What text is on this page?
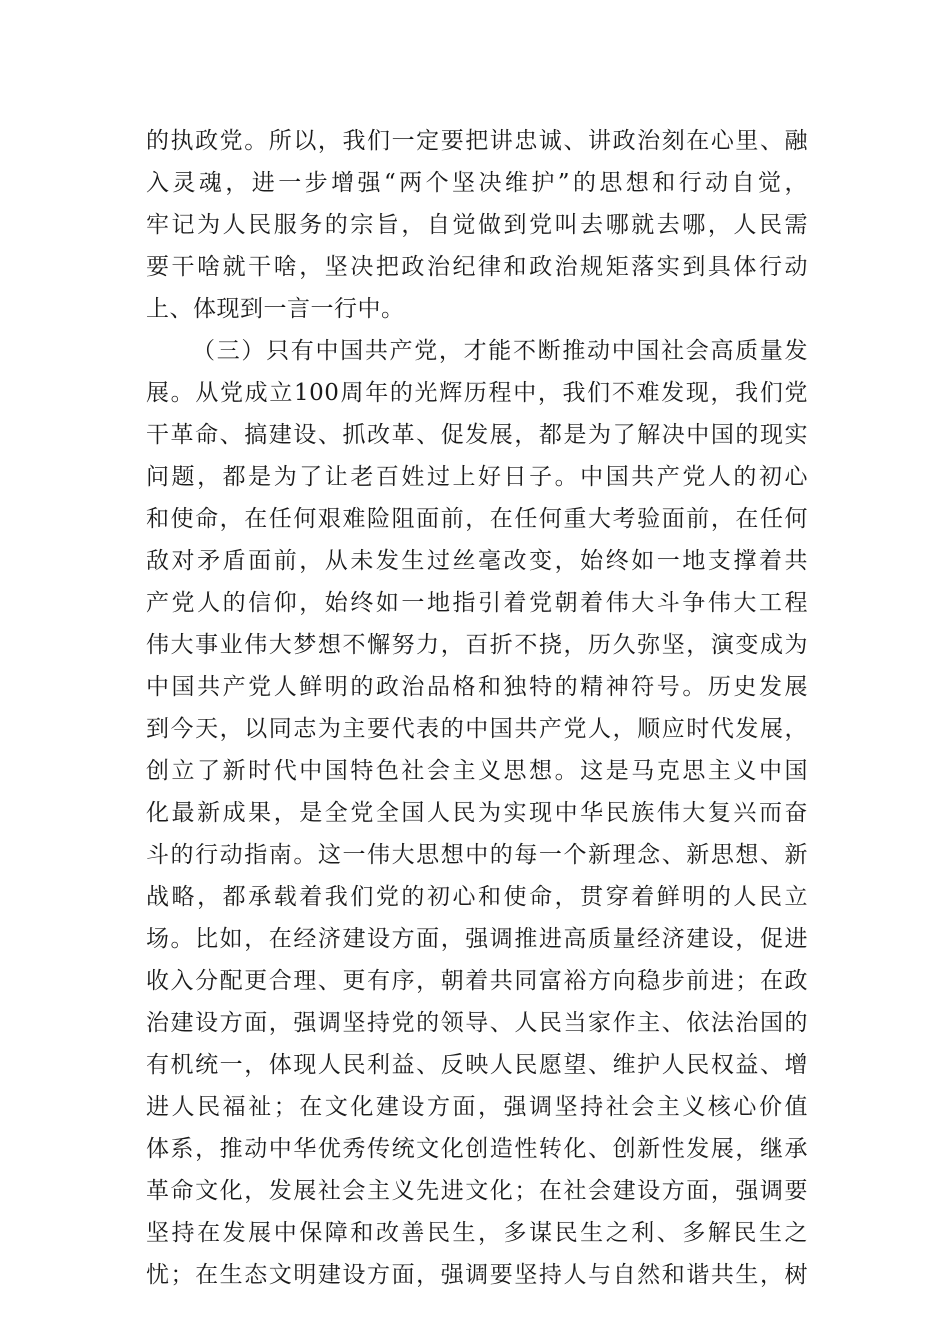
的执政党。所以，我们一定要把讲忠诚、讲政治刻在心里、融
入灵魂，进一步增强“两个坚决维护”的思想和行动自觉，
牢记为人民服务的宗旨，自觉做到党叫去哪就去哪，人民需
要干啥就干啥，坚决把政治纪律和政治规矩落实到具体行动
上、体现到一言一行中。
（三）只有中国共产党，才能不断推动中国社会高质量发
展。从党成立100周年的光辉历程中，我们不难发现，我们党
干革命、搞建设、抓改革、促发展，都是为了解决中国的现实
问题，都是为了让老百姓过上好日子。中国共产党人的初心
和使命，在任何艰难险阻面前，在任何重大考验面前，在任何
敌对矛盾面前，从未发生过丝毫改变，始终如一地支撑着共
产党人的信仰，始终如一地指引着党朝着伟大斗争伟大工程
伟大事业伟大梦想不懈努力，百折不挠，历久弥坚，演变成为
中国共产党人鲜明的政治品格和独特的精神符号。历史发展
到今天，以同志为主要代表的中国共产党人，顺应时代发展，
创立了新时代中国特色社会主义思想。这是马克思主义中国
化最新成果，是全党全国人民为实现中华民族伟大复兴而奋
斗的行动指南。这一伟大思想中的每一个新理念、新思想、新
战略，都承载着我们党的初心和使命，贯穿着鲜明的人民立
场。比如，在经济建设方面，强调推进高质量经济建设，促进
收入分配更合理、更有序，朝着共同富裕方向稳步前进；在政
治建设方面，强调坚持党的领导、人民当家作主、依法治国的
有机统一，体现人民利益、反映人民愿望、维护人民权益、增
进人民福祉；在文化建设方面，强调坚持社会主义核心价值
体系，推动中华优秀传统文化创造性转化、创新性发展，继承
革命文化，发展社会主义先进文化；在社会建设方面，强调要
坚持在发展中保障和改善民生，多谋民生之利、多解民生之
忧；在生态文明建设方面，强调要坚持人与自然和谐共生，树
